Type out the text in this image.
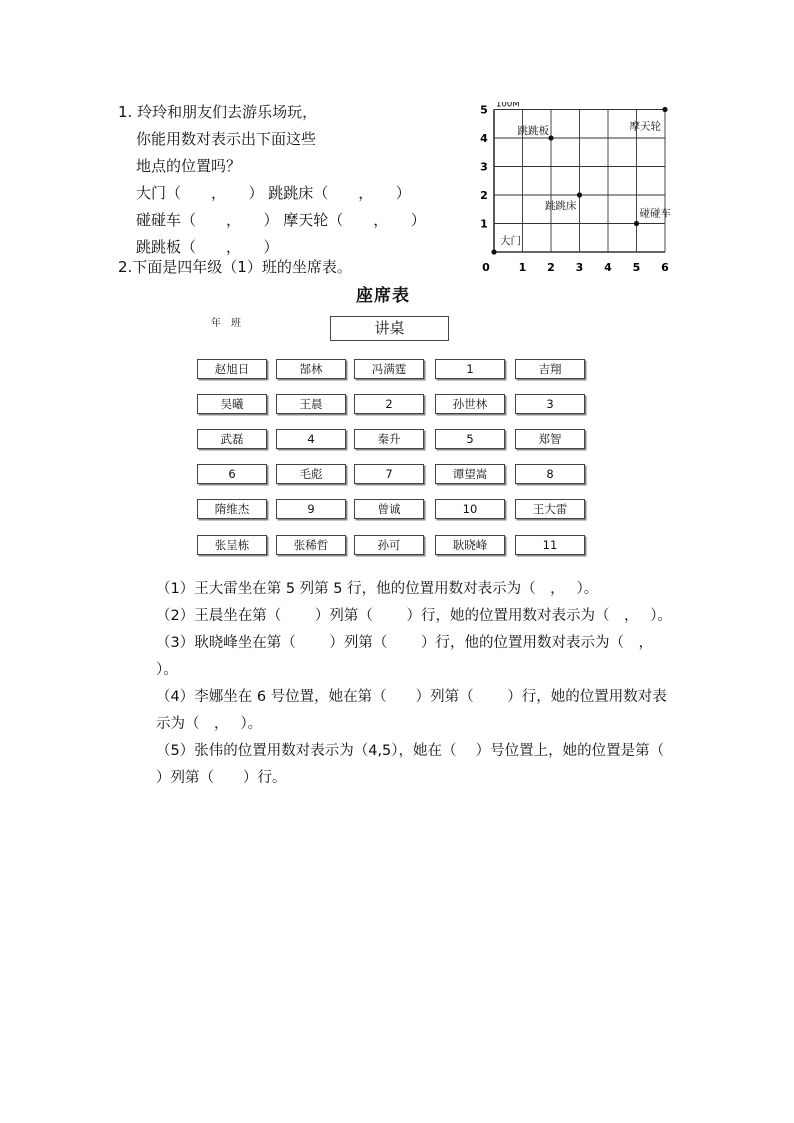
1. 玲玲和朋友们去游乐场玩，
你能用数对表示出下面这些
地点的位置吗？
大门（　　，　　） 跳跳床（　　，　　）
碰碰车（　　，　　） 摩天轮（　　，　　）
跳跳板（　　，　　）
0	1 2 3 4 5 6
1
2
3
4
5 100M
大门
跳跳板	摩天轮
跳跳床
碰碰车
2.下面是四年级（1）班的坐席表。
座席表
年　班	讲桌
赵旭日	郜林	冯满霆	1	吉翔
吴曦	王晨	2	孙世林	3
武磊	4	秦升	5	郑智
6	毛彪	7	谭望嵩	8
隋维杰	9	曾诚	10	王大雷
张呈栋	张稀哲	孙可	耿晓峰	11
（1）王大雷坐在第 5 列第 5 行，他的位置用数对表示为（　，　 ）。
（2）王晨坐在第（　　 ）列第（　　 ）行，她的位置用数对表示为（　，　 ）。
（3）耿晓峰坐在第（　　 ）列第（　　 ）行，他的位置用数对表示为（　，　 ）。
（4）李娜坐在 6 号位置，她在第（　　）列第（　　 ）行，她的位置用数对表示为（　，　 ）。
（5）张伟的位置用数对表示为（4,5），她在（　 ）号位置上，她的位置是第（　 ）列第（　　）行。
